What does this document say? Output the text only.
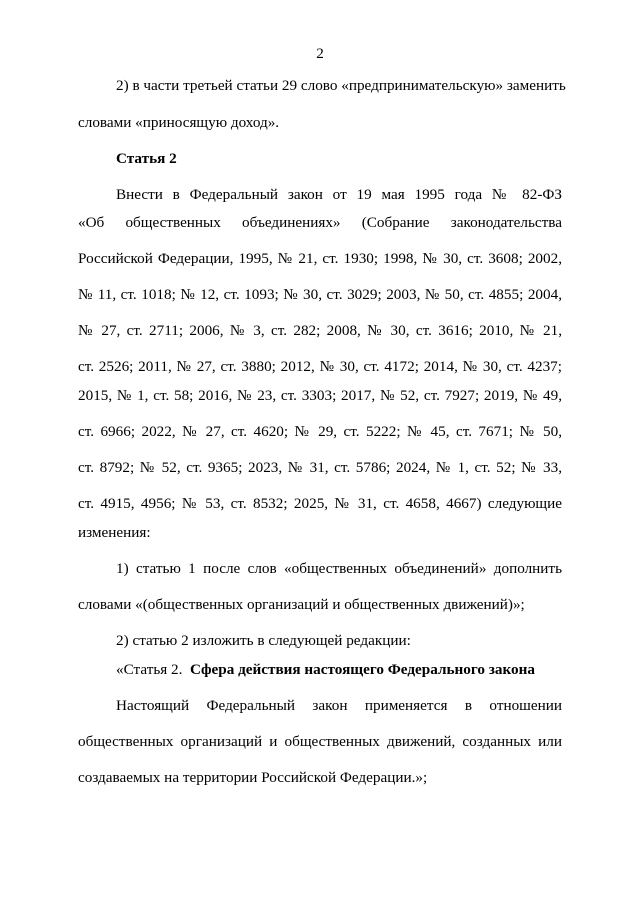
2
2) в части третьей статьи 29 слово «предпринимательскую» заменить
словами «приносящую доход».
Статья 2
Внести в Федеральный закон от 19 мая 1995 года № 82-ФЗ
«Об общественных объединениях» (Собрание законодательства
Российской Федерации, 1995, № 21, ст. 1930; 1998, № 30, ст. 3608; 2002,
№ 11, ст. 1018; № 12, ст. 1093; № 30, ст. 3029; 2003, № 50, ст. 4855; 2004,
№ 27, ст. 2711; 2006, № 3, ст. 282; 2008, № 30, ст. 3616; 2010, № 21,
ст. 2526; 2011, № 27, ст. 3880; 2012, № 30, ст. 4172; 2014, № 30, ст. 4237;
2015, № 1, ст. 58; 2016, № 23, ст. 3303; 2017, № 52, ст. 7927; 2019, № 49,
ст. 6966; 2022, № 27, ст. 4620; № 29, ст. 5222; № 45, ст. 7671; № 50,
ст. 8792; № 52, ст. 9365; 2023, № 31, ст. 5786; 2024, № 1, ст. 52; № 33,
ст. 4915, 4956; № 53, ст. 8532; 2025, № 31, ст. 4658, 4667) следующие
изменения:
1) статью 1 после слов «общественных объединений» дополнить
словами «(общественных организаций и общественных движений)»;
2) статью 2 изложить в следующей редакции:
«Статья 2. Сфера действия настоящего Федерального закона
Настоящий Федеральный закон применяется в отношении
общественных организаций и общественных движений, созданных или
создаваемых на территории Российской Федерации.»;
